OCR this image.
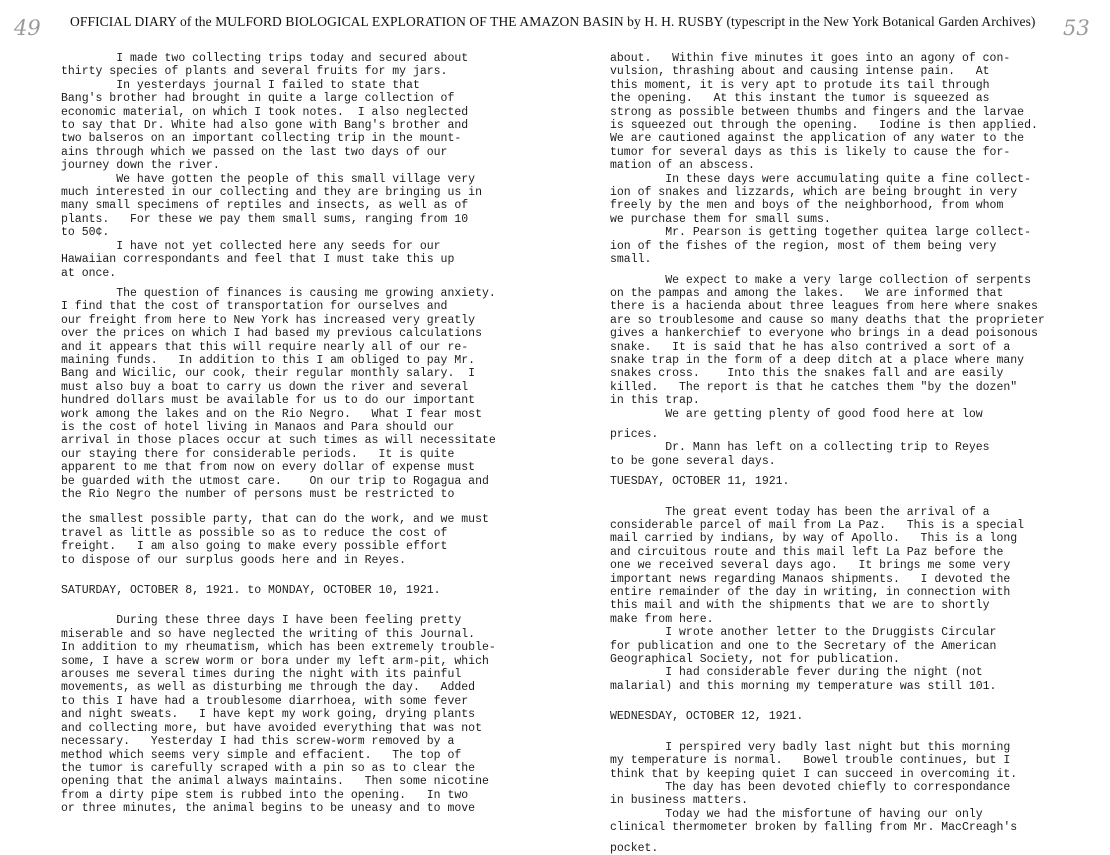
49 OFFICIAL DIARY of the MULFORD BIOLOGICAL EXPLORATION OF THE AMAZON BASIN by H. H. RUSBY (typescript in the New York Botanical Garden Archives)	53

I made two collecting trips today and secured about

thirty species of plants and several fruits for my jars.

In yesterdays journal I failed to state that

Bang's brother had brought in quite a large collection of

economic material, on which I took notes.  I also neglected

to say that Dr. White had also gone with Bang's brother and

two balseros on an important collecting trip in the mount-

ains through which we passed on the last two days of our

journey down the river.

We have gotten the people of this small village very

much interested in our collecting and they are bringing us in

many small specimens of reptiles and insects, as well as of

plants.   For these we pay them small sums, ranging from 10

to 50¢.

I have not yet collected here any seeds for our

Hawaiian correspondants and feel that I must take this up

at once.

The question of finances is causing me growing anxiety.

I find that the cost of transportation for ourselves and

our freight from here to New York has increased very greatly

over the prices on which I had based my previous calculations

and it appears that this will require nearly all of our re-

maining funds.   In addition to this I am obliged to pay Mr.

Bang and Wicilic, our cook, their regular monthly salary.  I

must also buy a boat to carry us down the river and several

hundred dollars must be available for us to do our important

work among the lakes and on the Rio Negro.   What I fear most

is the cost of hotel living in Manaos and Para should our

arrival in those places occur at such times as will necessitate

our staying there for considerable periods.   It is quite

apparent to me that from now on every dollar of expense must

be guarded with the utmost care.    On our trip to Rogagua and

the Rio Negro the number of persons must be restricted to

the smallest possible party, that can do the work, and we must

travel as little as possible so as to reduce the cost of

freight.   I am also going to make every possible effort

to dispose of our surplus goods here and in Reyes.

SATURDAY, OCTOBER 8, 1921. to MONDAY, OCTOBER 10, 1921.

During these three days I have been feeling pretty

miserable and so have neglected the writing of this Journal.

In addition to my rheumatism, which has been extremely trouble-

some, I have a screw worm or bora under my left arm-pit, which

arouses me several times during the night with its painful

movements, as well as disturbing me through the day.   Added

to this I have had a troublesome diarrhoea, with some fever

and night sweats.   I have kept my work going, drying plants

and collecting more, but have avoided everything that was not

necessary.   Yesterday I had this screw-worm removed by a

method which seems very simple and effacient.   The top of

the tumor is carefully scraped with a pin so as to clear the

opening that the animal always maintains.   Then some nicotine

from a dirty pipe stem is rubbed into the opening.   In two

or three minutes, the animal begins to be uneasy and to move

about.   Within five minutes it goes into an agony of con-

vulsion, thrashing about and causing intense pain.   At

this moment, it is very apt to protude its tail through

the opening.   At this instant the tumor is squeezed as

strong as possible between thumbs and fingers and the larvae

is squeezed out through the opening.   Iodine is then applied.

We are cautioned against the application of any water to the

tumor for several days as this is likely to cause the for-

mation of an abscess.

In these days were accumulating quite a fine collect-

ion of snakes and lizzards, which are being brought in very

freely by the men and boys of the neighborhood, from whom

we purchase them for small sums.

Mr. Pearson is getting together quitea large collect-

ion of the fishes of the region, most of them being very

small.

We expect to make a very large collection of serpents

on the pampas and among the lakes.   We are informed that

there is a hacienda about three leagues from here where snakes

are so troublesome and cause so many deaths that the proprieter

gives a hankerchief to everyone who brings in a dead poisonous

snake.   It is said that he has also contrived a sort of a

snake trap in the form of a deep ditch at a place where many

snakes cross.    Into this the snakes fall and are easily

killed.   The report is that he catches them "by the dozen"

in this trap.

We are getting plenty of good food here at low

prices.

Dr. Mann has left on a collecting trip to Reyes

to be gone several days.

TUESDAY, OCTOBER 11, 1921.

The great event today has been the arrival of a

considerable parcel of mail from La Paz.   This is a special

mail carried by indians, by way of Apollo.   This is a long

and circuitous route and this mail left La Paz before the

one we received several days ago.   It brings me some very

important news regarding Manaos shipments.   I devoted the

entire remainder of the day in writing, in connection with

this mail and with the shipments that we are to shortly

make from here.

I wrote another letter to the Druggists Circular

for publication and one to the Secretary of the American

Geographical Society, not for publication.

I had considerable fever during the night (not

malarial) and this morning my temperature was still 101.

WEDNESDAY, OCTOBER 12, 1921.

I perspired very badly last night but this morning

my temperature is normal.   Bowel trouble continues, but I

think that by keeping quiet I can succeed in overcoming it.

The day has been devoted chiefly to correspondance

in business matters.

Today we had the misfortune of having our only

clinical thermometer broken by falling from Mr. MacCreagh's

pocket.
